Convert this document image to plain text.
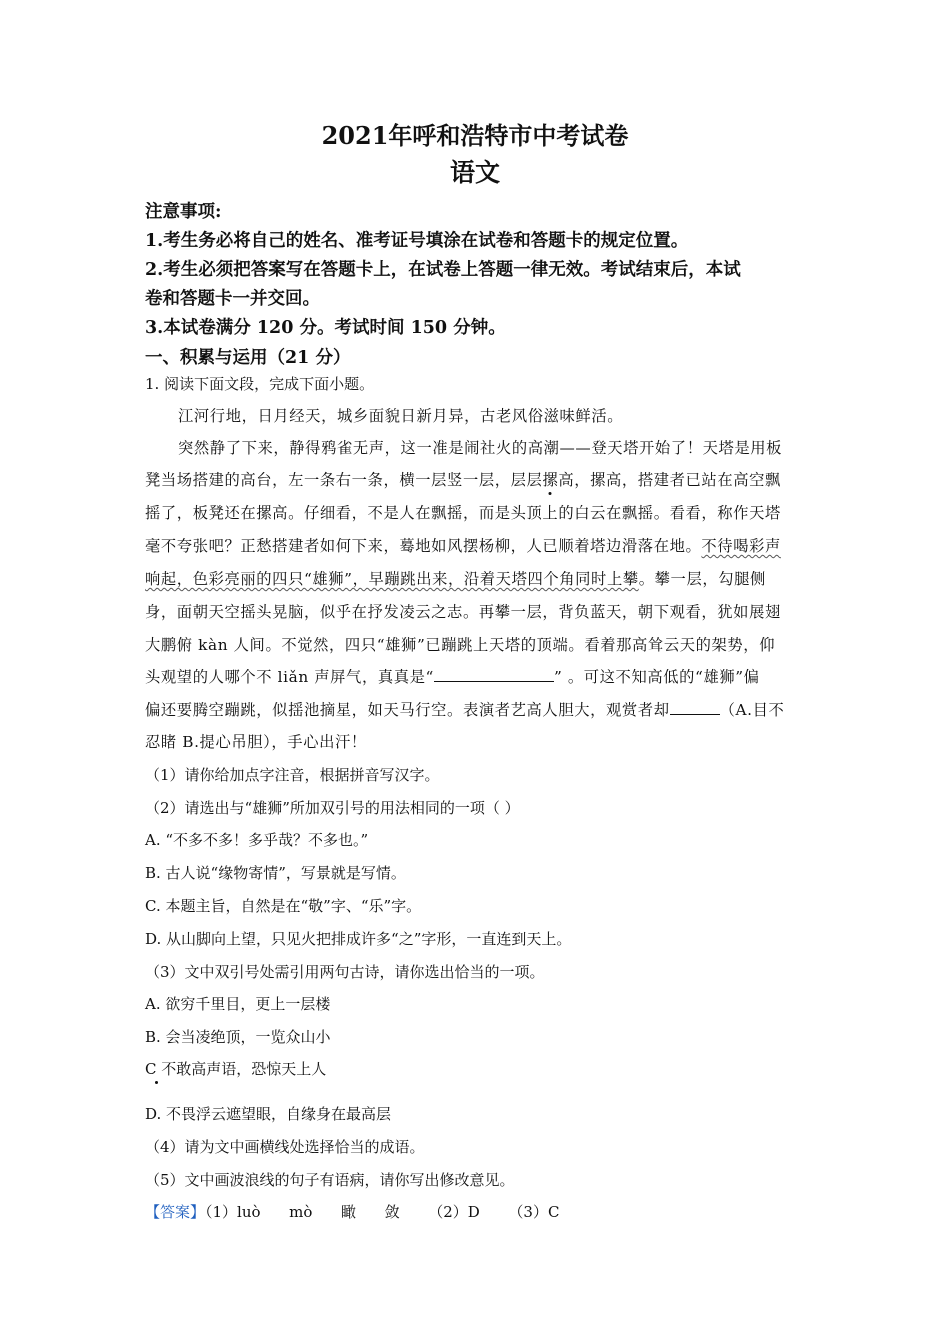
2021年呼和浩特市中考试卷
语文
注意事项:
1.考生务必将自己的姓名、准考证号填涂在试卷和答题卡的规定位置。
2.考生必须把答案写在答题卡上，在试卷上答题一律无效。考试结束后，本试
卷和答题卡一并交回。
3.本试卷满分 120 分。考试时间 150 分钟。
一、积累与运用（21 分）
1. 阅读下面文段，完成下面小题。
江河行地，日月经天，城乡面貌日新月异，古老风俗滋味鲜活。
突然静了下来，静得鸦雀无声，这一准是闹社火的高潮——登天塔开始了！天塔是用板
凳当场搭建的高台，左一条右一条，横一层竖一层，层层摞高，摞高，搭建者已站在高空飘
摇了，板凳还在摞高。仔细看，不是人在飘摇，而是头顶上的白云在飘摇。看看，称作天塔
毫不夸张吧？正愁搭建者如何下来，蓦地如风摆杨柳，人已顺着塔边滑落在地。不待喝彩声
响起，色彩亮丽的四只“雄狮”，早蹦跳出来，沿着天塔四个角同时上攀。攀一层，勾腿侧
身，面朝天空摇头晃脑，似乎在抒发凌云之志。再攀一层，背负蓝天，朝下观看，犹如展翅
大鹏俯 kàn 人间。不觉然，四只“雄狮”已蹦跳上天塔的顶端。看着那高耸云天的架势，仰
头观望的人哪个不 liǎn 声屏气，真真是“	” 。可这不知高低的“雄狮”偏
偏还要腾空蹦跳，似揺池摘星，如天马行空。表演者艺高人胆大，观赏者却	（A.目不
忍睹 B.提心吊胆），手心出汗！
（1）请你给加点字注音，根据拼音写汉字。
（2）请选出与“雄狮”所加双引号的用法相同的一项（ ）
A. “不多不多！多乎哉？不多也。”
B. 古人说“缘物寄情”，写景就是写情。
C. 本题主旨，自然是在“敬”字、“乐”字。
D. 从山脚向上望，只见火把排成许多“之”字形，一直连到天上。
（3）文中双引号处需引用两句古诗，请你选出恰当的一项。
A. 欲穷千里目，更上一层楼
B. 会当凌绝顶，一览众山小
C 不敢高声语，恐惊天上人
D. 不畏浮云遮望眼，自缘身在最高层
（4）请为文中画横线处选择恰当的成语。
（5）文中画波浪线的句子有语病，请你写出修改意见。
【答案】（1）luò      mò      瞰      敛      （2）D      （3）C
